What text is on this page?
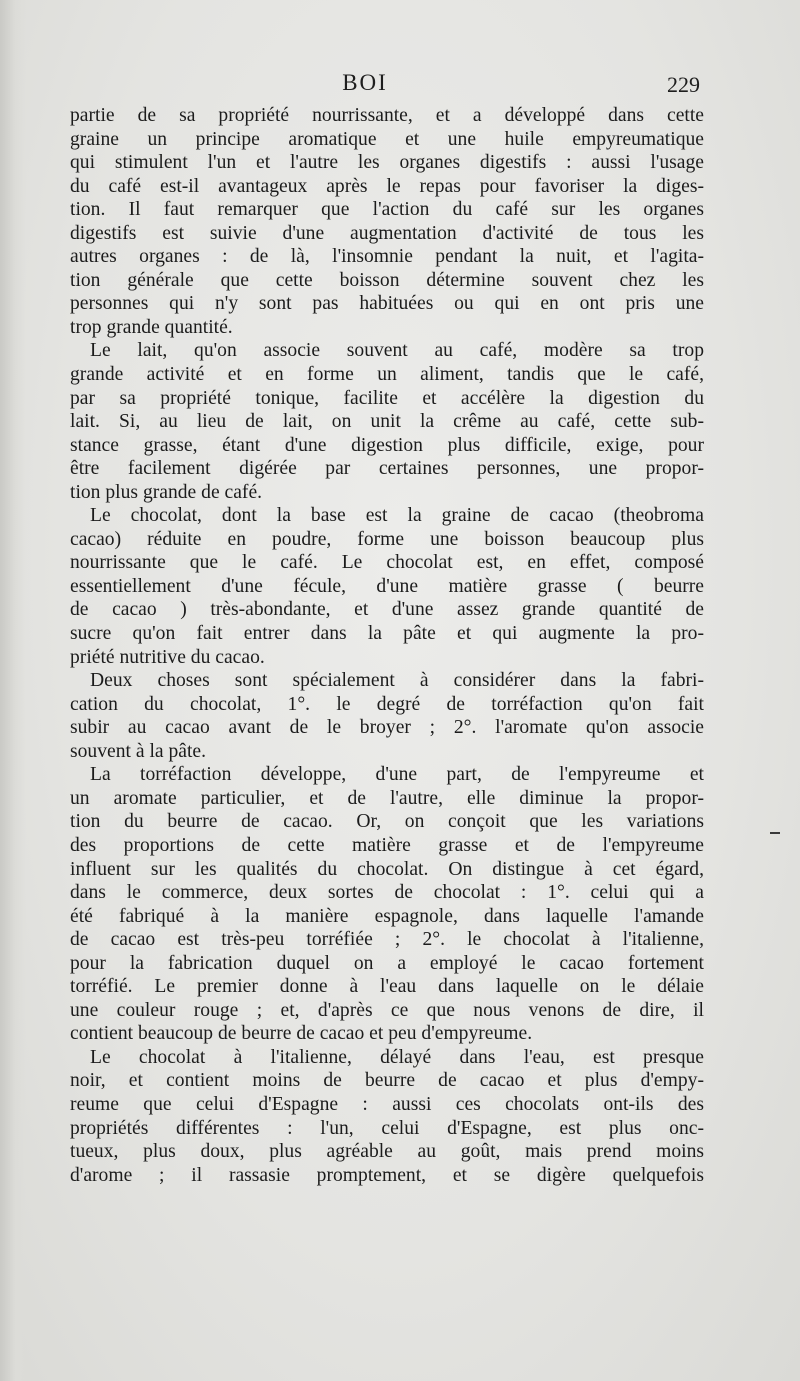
BOI	229
partie de sa propriété nourrissante, et a développé dans cette
graine un principe aromatique et une huile empyreumatique
qui stimulent l'un et l'autre les organes digestifs : aussi l'usage
du café est-il avantageux après le repas pour favoriser la diges-
tion. Il faut remarquer que l'action du café sur les organes
digestifs est suivie d'une augmentation d'activité de tous les
autres organes : de là, l'insomnie pendant la nuit, et l'agita-
tion générale que cette boisson détermine souvent chez les
personnes qui n'y sont pas habituées ou qui en ont pris une
trop grande quantité.
Le lait, qu'on associe souvent au café, modère sa trop
grande activité et en forme un aliment, tandis que le café,
par sa propriété tonique, facilite et accélère la digestion du
lait. Si, au lieu de lait, on unit la crême au café, cette sub-
stance grasse, étant d'une digestion plus difficile, exige, pour
être facilement digérée par certaines personnes, une propor-
tion plus grande de café.
Le chocolat, dont la base est la graine de cacao (theobroma
cacao) réduite en poudre, forme une boisson beaucoup plus
nourrissante que le café. Le chocolat est, en effet, composé
essentiellement d'une fécule, d'une matière grasse ( beurre
de cacao ) très-abondante, et d'une assez grande quantité de
sucre qu'on fait entrer dans la pâte et qui augmente la pro-
priété nutritive du cacao.
Deux choses sont spécialement à considérer dans la fabri-
cation du chocolat, 1°. le degré de torréfaction qu'on fait
subir au cacao avant de le broyer ; 2°. l'aromate qu'on associe
souvent à la pâte.
La torréfaction développe, d'une part, de l'empyreume et
un aromate particulier, et de l'autre, elle diminue la propor-
tion du beurre de cacao. Or, on conçoit que les variations
des proportions de cette matière grasse et de l'empyreume
influent sur les qualités du chocolat. On distingue à cet égard,
dans le commerce, deux sortes de chocolat : 1°. celui qui a
été fabriqué à la manière espagnole, dans laquelle l'amande
de cacao est très-peu torréfiée ; 2°. le chocolat à l'italienne,
pour la fabrication duquel on a employé le cacao fortement
torréfié. Le premier donne à l'eau dans laquelle on le délaie
une couleur rouge ; et, d'après ce que nous venons de dire, il
contient beaucoup de beurre de cacao et peu d'empyreume.
Le chocolat à l'italienne, délayé dans l'eau, est presque
noir, et contient moins de beurre de cacao et plus d'empy-
reume que celui d'Espagne : aussi ces chocolats ont-ils des
propriétés différentes : l'un, celui d'Espagne, est plus onc-
tueux, plus doux, plus agréable au goût, mais prend moins
d'arome ; il rassasie promptement, et se digère quelquefois
